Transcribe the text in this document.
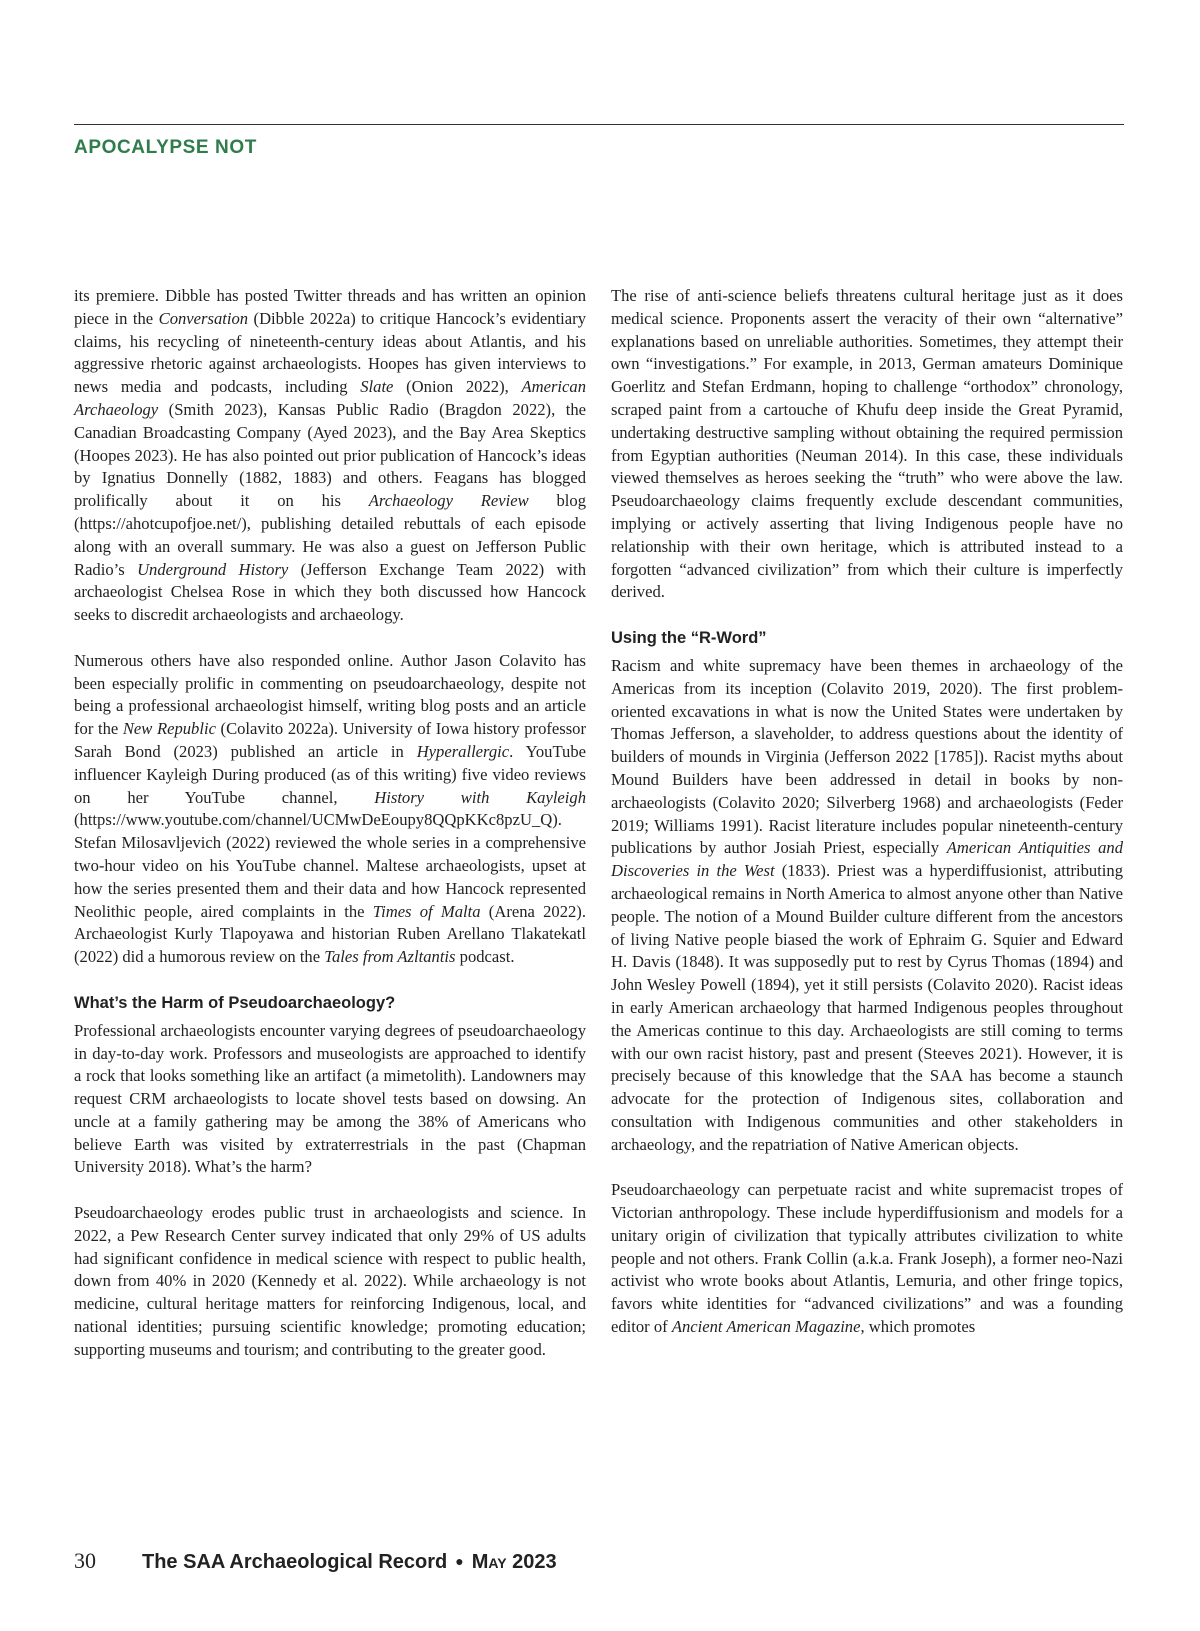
APOCALYPSE NOT

its premiere. Dibble has posted Twitter threads and has written an opinion piece in the Conversation (Dibble 2022a) to critique Hancock’s evidentiary claims, his recycling of nineteenth-century ideas about Atlantis, and his aggressive rhetoric against archaeologists. Hoopes has given interviews to news media and podcasts, including Slate (Onion 2022), American Archaeology (Smith 2023), Kansas Public Radio (Bragdon 2022), the Canadian Broadcasting Company (Ayed 2023), and the Bay Area Skeptics (Hoopes 2023). He has also pointed out prior publication of Hancock’s ideas by Ignatius Donnelly (1882, 1883) and others. Feagans has blogged prolifically about it on his Archaeology Review blog (https://ahotcupofjoe.net/), publishing detailed rebuttals of each episode along with an overall summary. He was also a guest on Jefferson Public Radio’s Underground History (Jefferson Exchange Team 2022) with archaeologist Chelsea Rose in which they both discussed how Hancock seeks to discredit archaeologists and archaeology.

Numerous others have also responded online. Author Jason Colavito has been especially prolific in commenting on pseudoarchaeology, despite not being a professional archaeologist himself, writing blog posts and an article for the New Republic (Colavito 2022a). University of Iowa history professor Sarah Bond (2023) published an article in Hyperallergic. YouTube influencer Kayleigh During produced (as of this writing) five video reviews on her YouTube channel, History with Kayleigh (https://www.youtube.com/channel/UCMwDeEoupy8QQpKKc8pzU_Q). Stefan Milosavljevich (2022) reviewed the whole series in a comprehensive two-hour video on his YouTube channel. Maltese archaeologists, upset at how the series presented them and their data and how Hancock represented Neolithic people, aired complaints in the Times of Malta (Arena 2022). Archaeologist Kurly Tlapoyawa and historian Ruben Arellano Tlakatekatl (2022) did a humorous review on the Tales from Azltantis podcast.

What’s the Harm of Pseudoarchaeology?

Professional archaeologists encounter varying degrees of pseudoarchaeology in day-to-day work. Professors and museologists are approached to identify a rock that looks something like an artifact (a mimetolith). Landowners may request CRM archaeologists to locate shovel tests based on dowsing. An uncle at a family gathering may be among the 38% of Americans who believe Earth was visited by extraterrestrials in the past (Chapman University 2018). What’s the harm?

Pseudoarchaeology erodes public trust in archaeologists and science. In 2022, a Pew Research Center survey indicated that only 29% of US adults had significant confidence in medical science with respect to public health, down from 40% in 2020 (Kennedy et al. 2022). While archaeology is not medicine, cultural heritage matters for reinforcing Indigenous, local, and national identities; pursuing scientific knowledge; promoting education; supporting museums and tourism; and contributing to the greater good.

The rise of anti-science beliefs threatens cultural heritage just as it does medical science. Proponents assert the veracity of their own “alternative” explanations based on unreliable authorities. Sometimes, they attempt their own “investigations.” For example, in 2013, German amateurs Dominique Goerlitz and Stefan Erdmann, hoping to challenge “orthodox” chronology, scraped paint from a cartouche of Khufu deep inside the Great Pyramid, undertaking destructive sampling without obtaining the required permission from Egyptian authorities (Neuman 2014). In this case, these individuals viewed themselves as heroes seeking the “truth” who were above the law. Pseudoarchaeology claims frequently exclude descendant communities, implying or actively asserting that living Indigenous people have no relationship with their own heritage, which is attributed instead to a forgotten “advanced civilization” from which their culture is imperfectly derived.

Using the “R-Word”

Racism and white supremacy have been themes in archaeology of the Americas from its inception (Colavito 2019, 2020). The first problem-oriented excavations in what is now the United States were undertaken by Thomas Jefferson, a slaveholder, to address questions about the identity of builders of mounds in Virginia (Jefferson 2022 [1785]). Racist myths about Mound Builders have been addressed in detail in books by non-archaeologists (Colavito 2020; Silverberg 1968) and archaeologists (Feder 2019; Williams 1991). Racist literature includes popular nineteenth-century publications by author Josiah Priest, especially American Antiquities and Discoveries in the West (1833). Priest was a hyperdiffusionist, attributing archaeological remains in North America to almost anyone other than Native people. The notion of a Mound Builder culture different from the ancestors of living Native people biased the work of Ephraim G. Squier and Edward H. Davis (1848). It was supposedly put to rest by Cyrus Thomas (1894) and John Wesley Powell (1894), yet it still persists (Colavito 2020). Racist ideas in early American archaeology that harmed Indigenous peoples throughout the Americas continue to this day. Archaeologists are still coming to terms with our own racist history, past and present (Steeves 2021). However, it is precisely because of this knowledge that the SAA has become a staunch advocate for the protection of Indigenous sites, collaboration and consultation with Indigenous communities and other stakeholders in archaeology, and the repatriation of Native American objects.

Pseudoarchaeology can perpetuate racist and white supremacist tropes of Victorian anthropology. These include hyperdiffusionism and models for a unitary origin of civilization that typically attributes civilization to white people and not others. Frank Collin (a.k.a. Frank Joseph), a former neo-Nazi activist who wrote books about Atlantis, Lemuria, and other fringe topics, favors white identities for “advanced civilizations” and was a founding editor of Ancient American Magazine, which promotes

30 The SAA Archaeological Record ● May 2023
